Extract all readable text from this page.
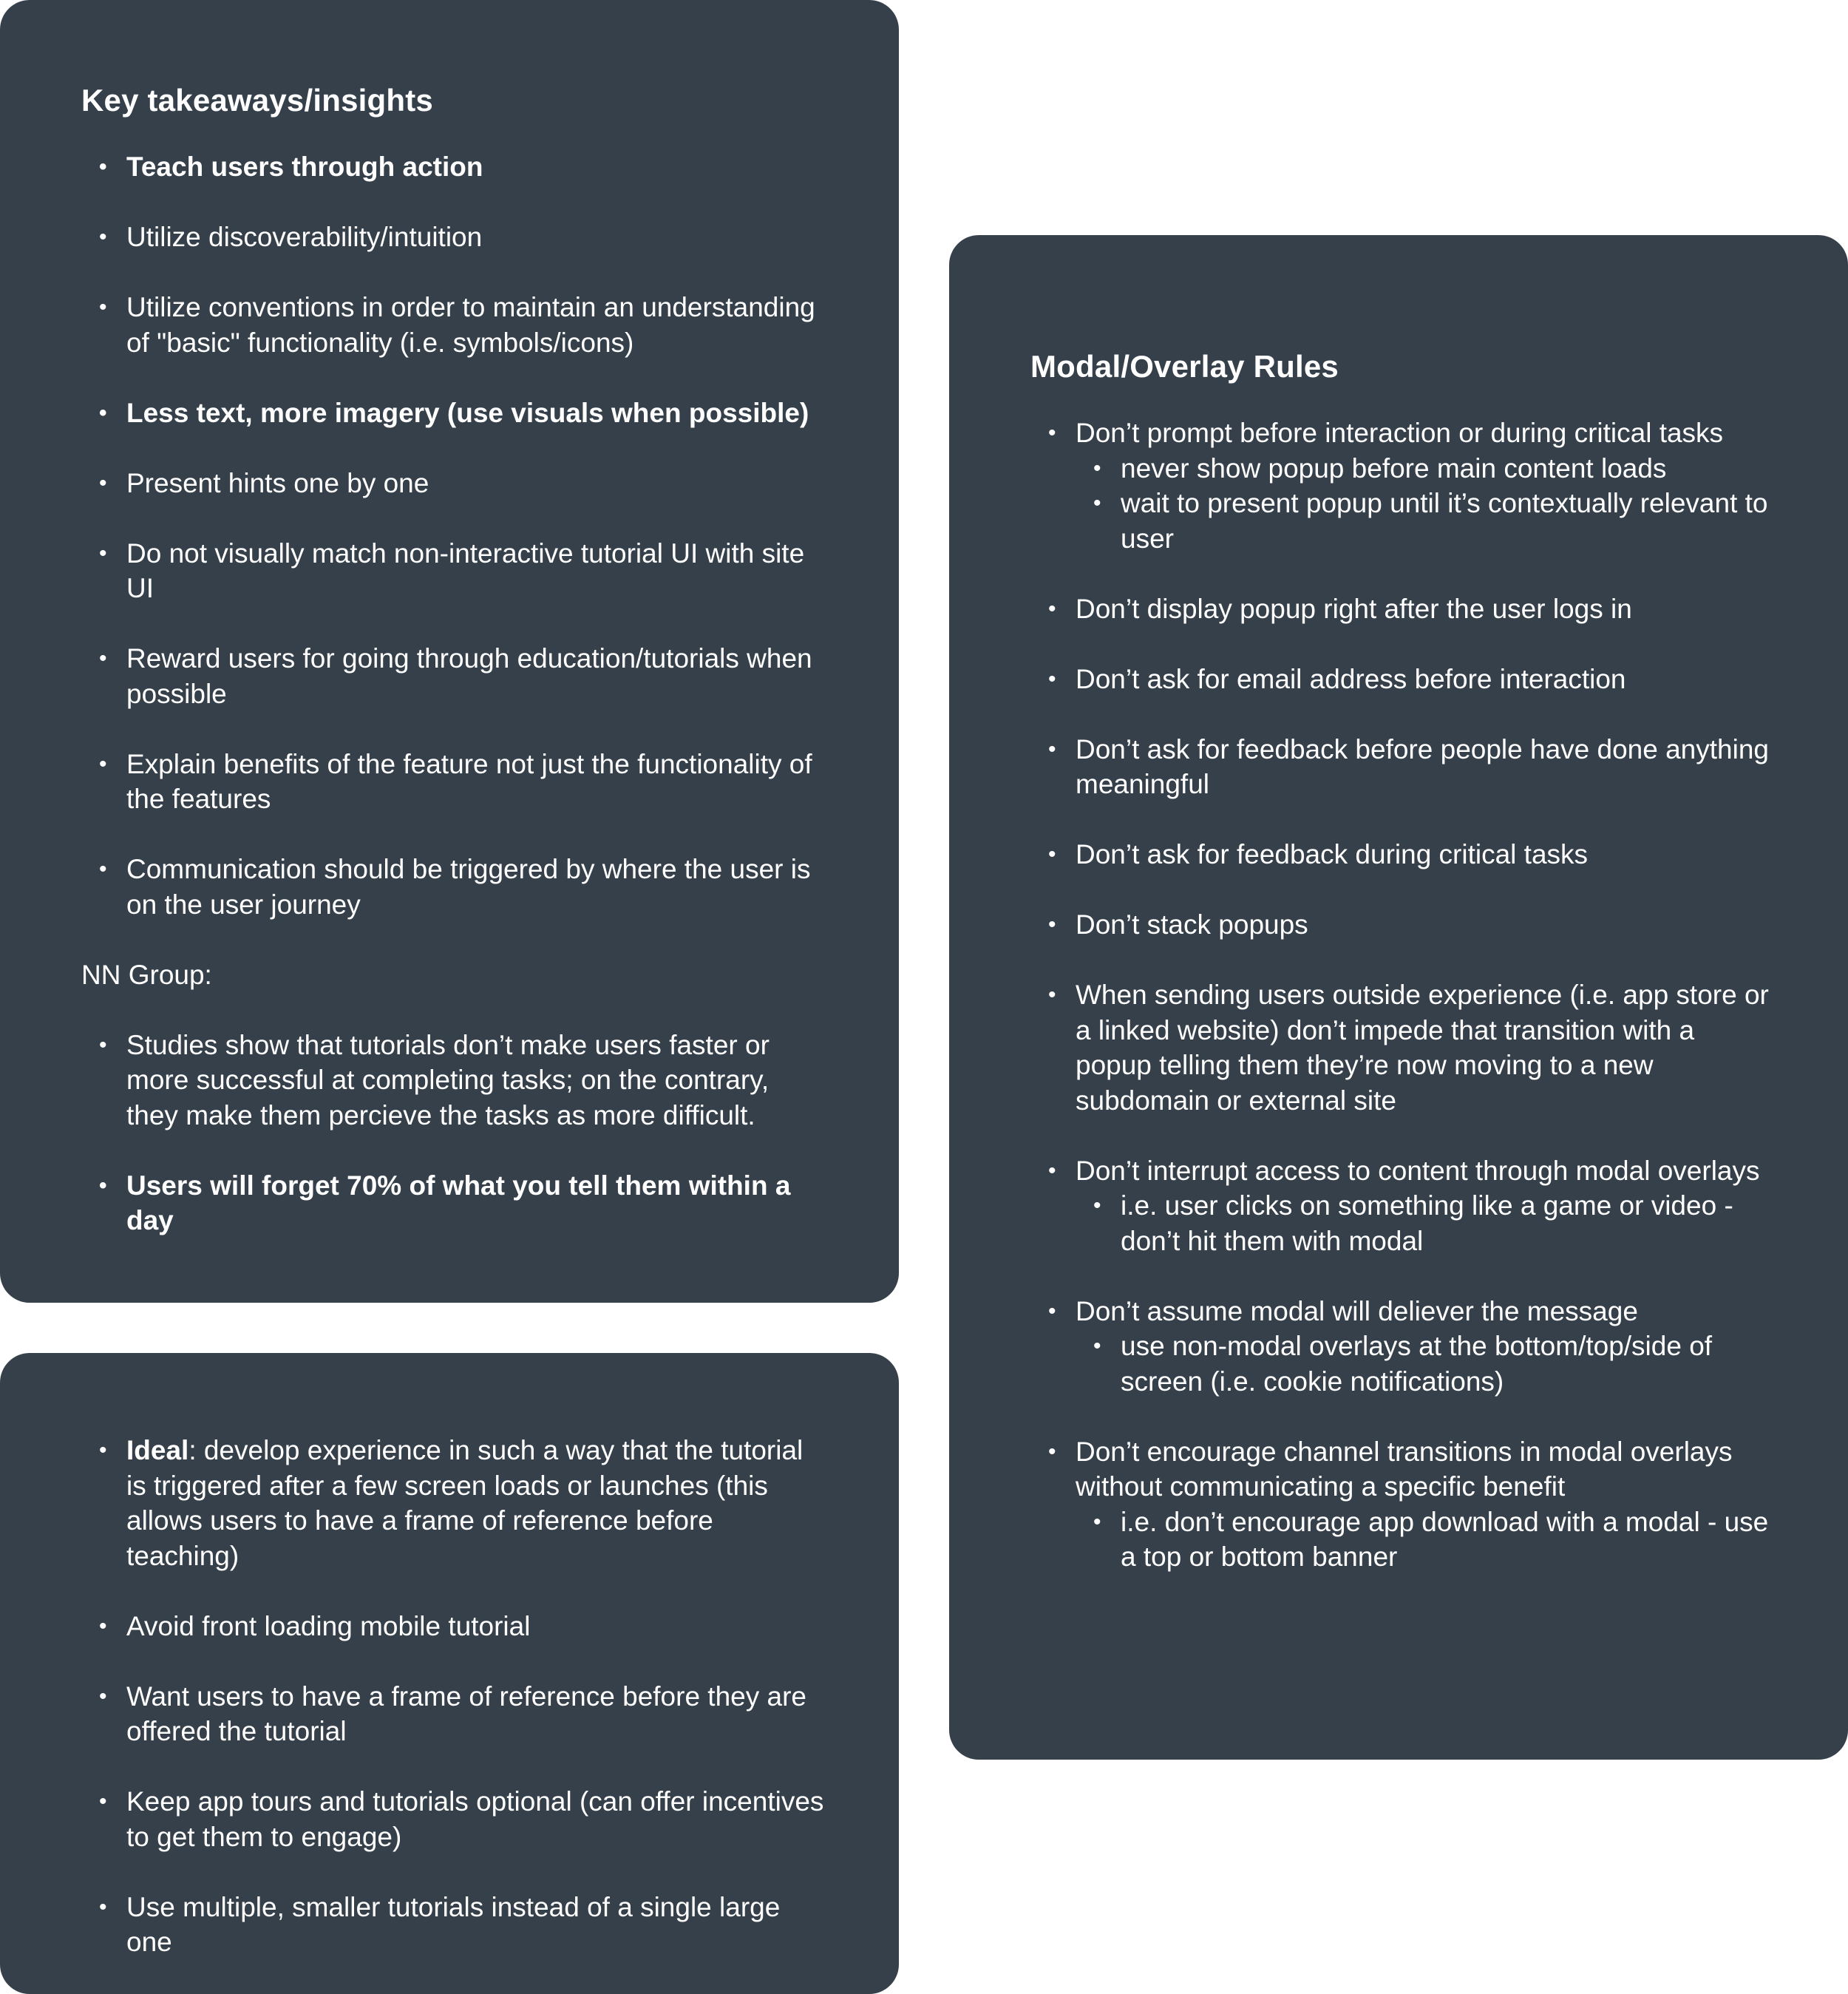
Key takeaways/insights
• Teach users through action
• Utilize discoverability/intuition
• Utilize conventions in order to maintain an understanding of "basic" functionality (i.e. symbols/icons)
• Less text, more imagery (use visuals when possible)
• Present hints one by one
• Do not visually match non-interactive tutorial UI with site UI
• Reward users for going through education/tutorials when possible
• Explain benefits of the feature not just the functionality of the features
• Communication should be triggered by where the user is on the user journey
NN Group:
• Studies show that tutorials don’t make users faster or more successful at completing tasks; on the contrary, they make them percieve the tasks as more difficult.
• Users will forget 70% of what you tell them within a day
• Ideal: develop experience in such a way that the tutorial is triggered after a few screen loads or launches (this allows users to have a frame of reference before teaching)
• Avoid front loading mobile tutorial
• Want users to have a frame of reference before they are offered the tutorial
• Keep app tours and tutorials optional (can offer incentives to get them to engage)
• Use multiple, smaller tutorials instead of a single large one
Modal/Overlay Rules
• Don’t prompt before interaction or during critical tasks
• never show popup before main content loads
• wait to present popup until it’s contextually relevant to user
• Don’t display popup right after the user logs in
• Don’t ask for email address before interaction
• Don’t ask for feedback before people have done anything meaningful
• Don’t ask for feedback during critical tasks
• Don’t stack popups
• When sending users outside experience (i.e. app store or a linked website) don’t impede that transition with a popup telling them they’re now moving to a new subdomain or external site
• Don’t interrupt access to content through modal overlays
• i.e. user clicks on something like a game or video - don’t hit them with modal
• Don’t assume modal will deliever the message
• use non-modal overlays at the bottom/top/side of screen (i.e. cookie notifications)
• Don’t encourage channel transitions in modal overlays without communicating a specific benefit
• i.e. don’t encourage app download with a modal - use a top or bottom banner
